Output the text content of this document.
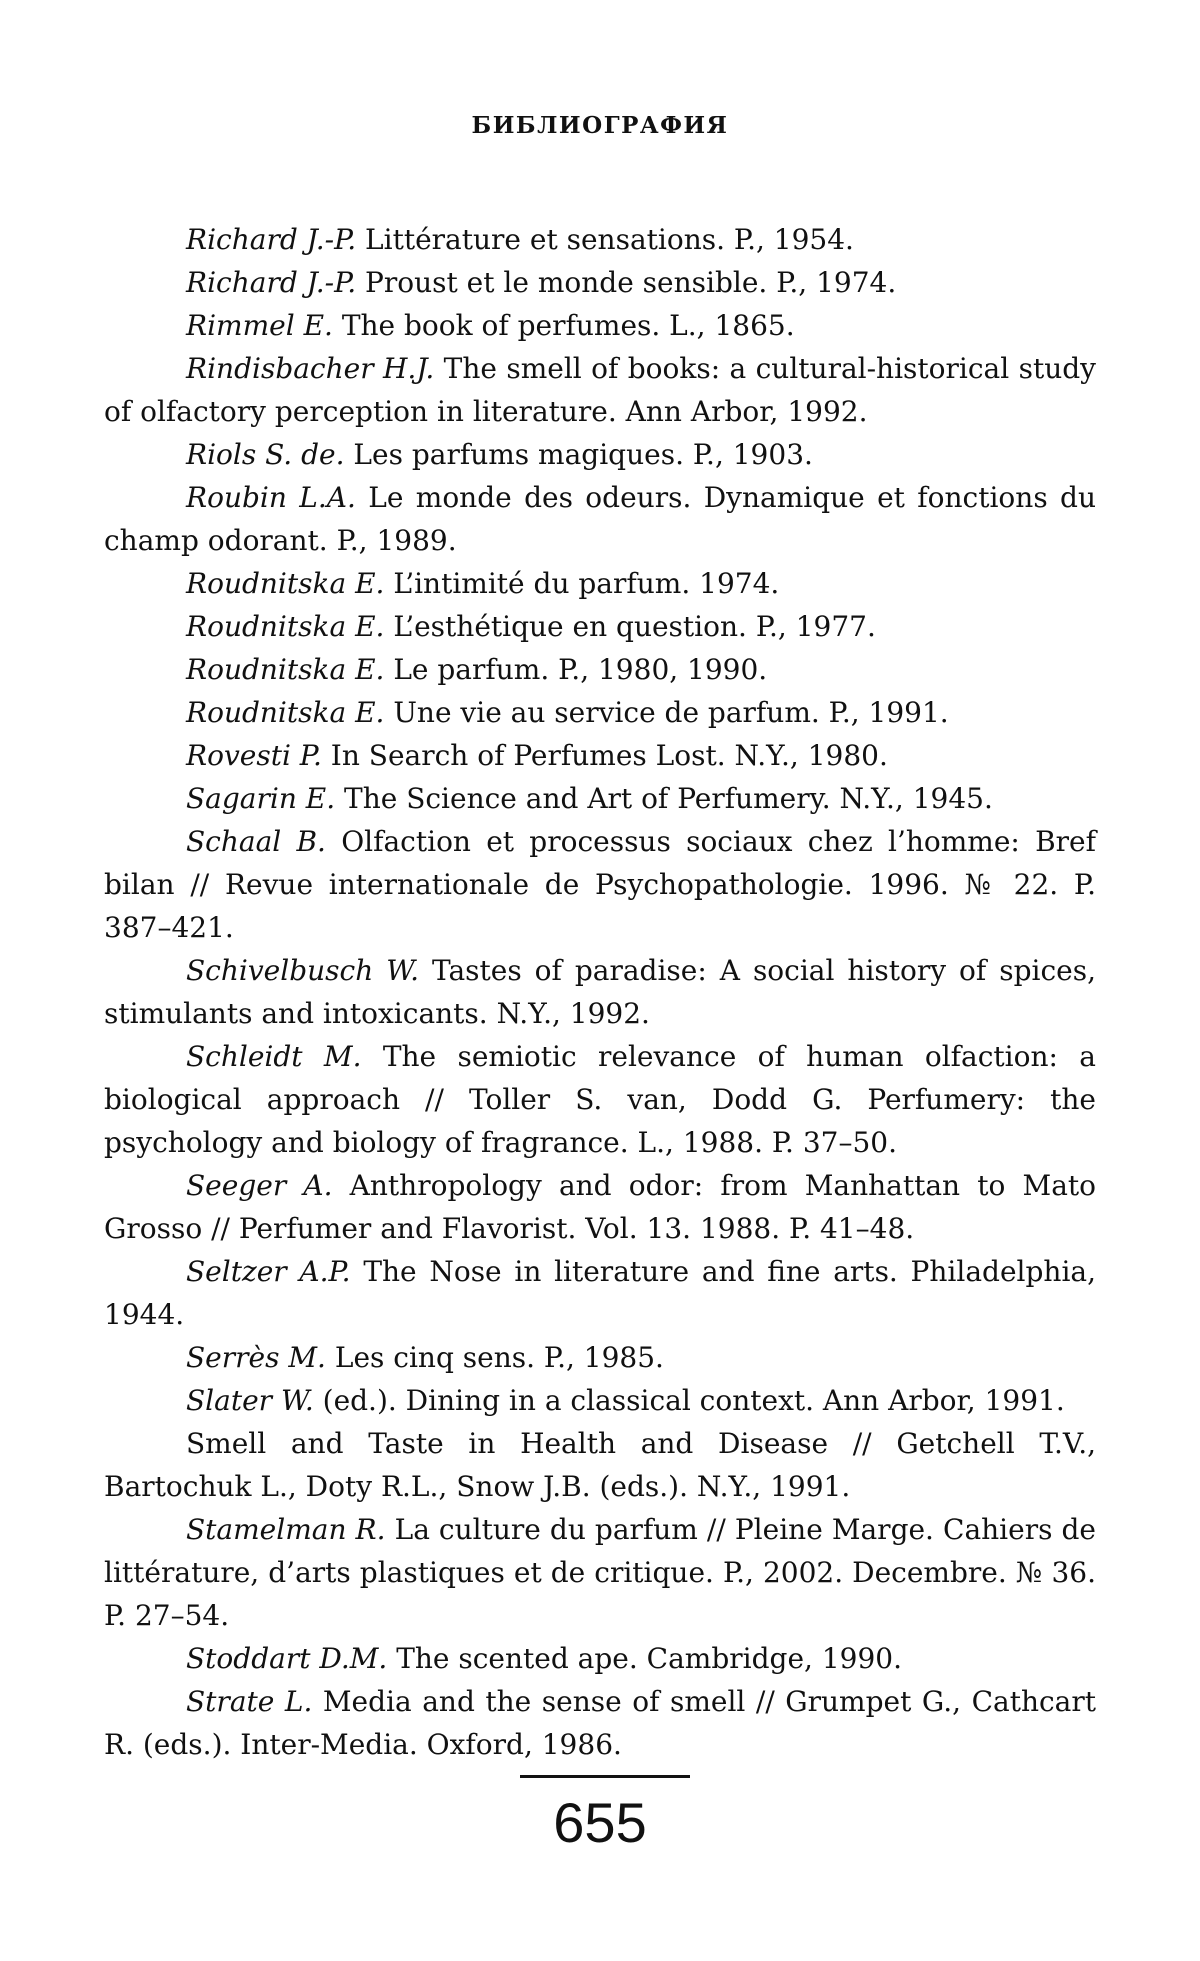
БИБЛИОГРАФИЯ

Richard J.-P. Littérature et sensations. P., 1954.

Richard J.-P. Proust et le monde sensible. P., 1974.

Rimmel E. The book of perfumes. L., 1865.

Rindisbacher H.J. The smell of books: a cultural-historical study of olfactory perception in literature. Ann Arbor, 1992.

Riols S. de. Les parfums magiques. P., 1903.

Roubin L.A. Le monde des odeurs. Dynamique et fonctions du champ odorant. P., 1989.

Roudnitska E. L’intimité du parfum. 1974.

Roudnitska E. L’esthétique en question. P., 1977.

Roudnitska E. Le parfum. P., 1980, 1990.

Roudnitska E. Une vie au service de parfum. P., 1991.

Rovesti P. In Search of Perfumes Lost. N.Y., 1980.

Sagarin E. The Science and Art of Perfumery. N.Y., 1945.

Schaal B. Olfaction et processus sociaux chez l’homme: Bref bilan // Revue internationale de Psychopathologie. 1996. № 22. P. 387–421.

Schivelbusch W. Tastes of paradise: A social history of spices, stimulants and intoxicants. N.Y., 1992.

Schleidt M. The semiotic relevance of human olfaction: a biological approach // Toller S. van, Dodd G. Perfumery: the psychology and biology of fragrance. L., 1988. P. 37–50.

Seeger A. Anthropology and odor: from Manhattan to Mato Grosso // Perfumer and Flavorist. Vol. 13. 1988. P. 41–48.

Seltzer A.P. The Nose in literature and fine arts. Philadelphia, 1944.

Serrès M. Les cinq sens. P., 1985.

Slater W. (ed.). Dining in a classical context. Ann Arbor, 1991.

Smell and Taste in Health and Disease // Getchell T.V., Bartochuk L., Doty R.L., Snow J.B. (eds.). N.Y., 1991.

Stamelman R. La culture du parfum // Pleine Marge. Cahiers de littérature, d’arts plastiques et de critique. P., 2002. Decembre. № 36. P. 27–54.

Stoddart D.M. The scented ape. Cambridge, 1990.

Strate L. Media and the sense of smell // Grumpet G., Cathcart R. (eds.). Inter-Media. Oxford, 1986.

655
